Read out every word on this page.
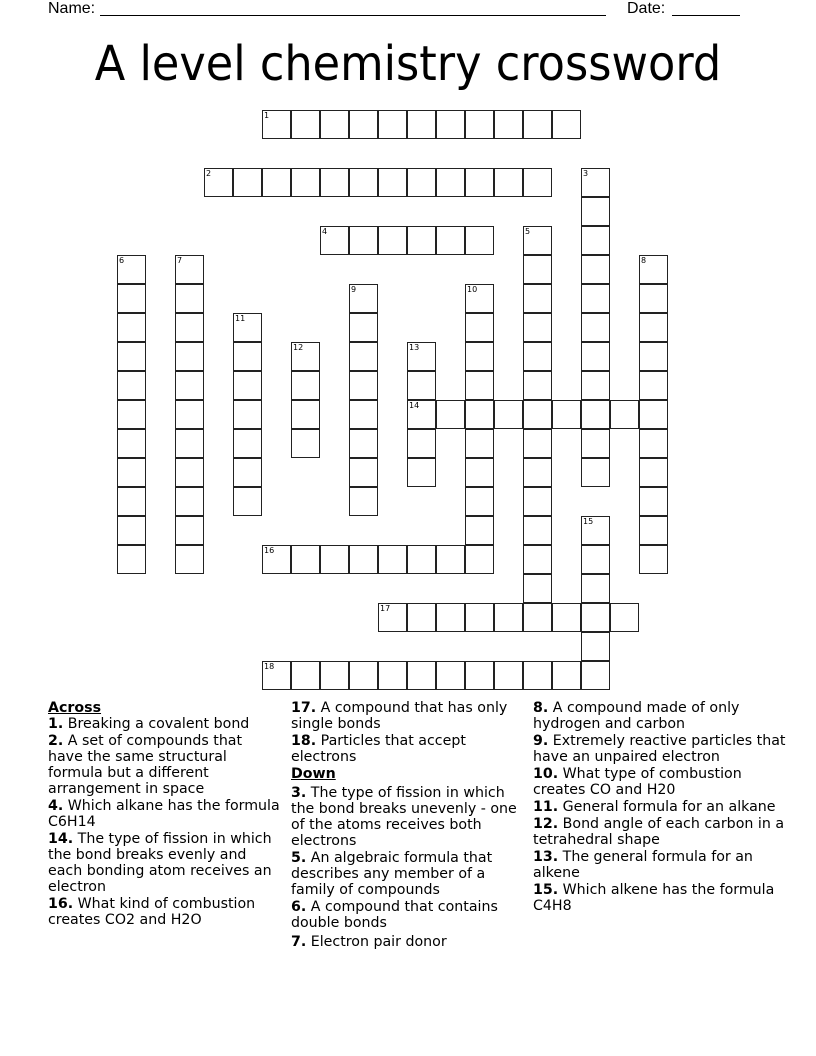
Name:

	Date:

A level chemistry crossword
1
2	3
4	5
6	7	8
9	10
11
12	13
14
15
16
17
18
Across
1. Breaking a covalent bond
2. A set of compounds that have the same structural formula but a different arrangement in space
4. Which alkane has the formula C6H14
14. The type of fission in which the bond breaks evenly and each bonding atom receives an electron
16. What kind of combustion creates CO2 and H2O
17. A compound that has only single bonds
18. Particles that accept electrons
Down
3. The type of fission in which the bond breaks unevenly - one of the atoms receives both electrons
5. An algebraic formula that describes any member of a family of compounds
6. A compound that contains double bonds
7. Electron pair donor
8. A compound made of only hydrogen and carbon
9. Extremely reactive particles that have an unpaired electron
10. What type of combustion creates CO and H20
11. General formula for an alkane
12. Bond angle of each carbon in a tetrahedral shape
13. The general formula for an alkene
15. Which alkene has the formula C4H8
